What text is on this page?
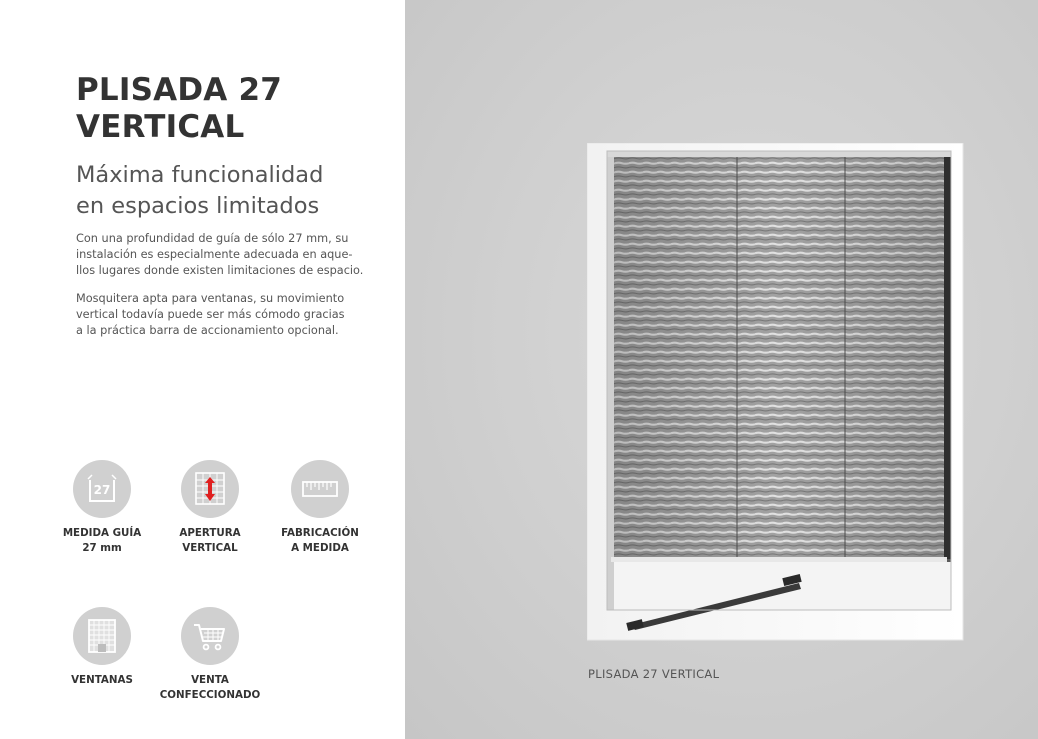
PLISADA 27
VERTICAL
Máxima funcionalidad
en espacios limitados

Con una profundidad de guía de sólo 27 mm, su
instalación es especialmente adecuada en aque-
llos lugares donde existen limitaciones de espacio.

Mosquitera apta para ventanas, su movimiento
vertical todavía puede ser más cómodo gracias
a la práctica barra de accionamiento opcional.

27
MEDIDA GUÍA
27 mm
APERTURA
VERTICAL
FABRICACIÓN
A MEDIDA
VENTANAS	VENTA
CONFECCIONADO
PLISADA 27 VERTICAL
